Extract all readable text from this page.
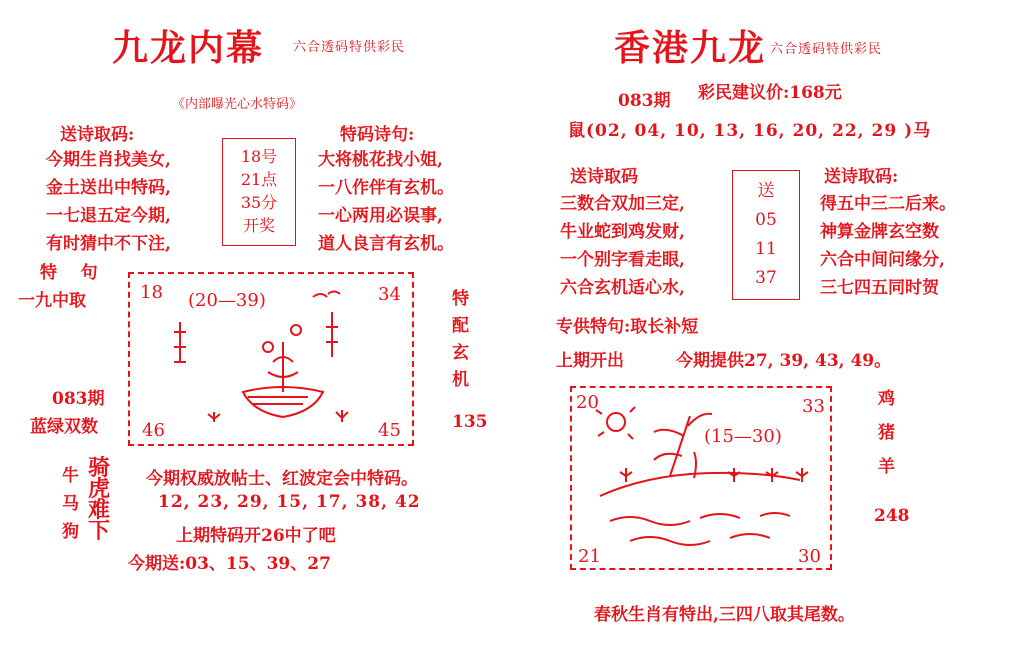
九龙内幕 六合透码特供彩民
《内部曝光心水特码》
送诗取码:	特码诗句:
今期生肖找美女,
金土送出中特码,
一七退五定今期,
有时猜中不下注,
18号
21点
35分
开奖
大将桃花找小姐,
一八作伴有玄机。
一心两用必误事,
道人良言有玄机。
特    句
一九中取
083期
蓝绿双数
18	34
46	45
(20—39)	特
配
玄
机
135
牛
马
狗
骑
虎
难
下
今期权威放帖士、红波定会中特码。
12, 23, 29, 15, 17, 38, 42
上期特码开26中了吧
今期送:03、15、39、27
香港九龙 六合透码特供彩民
083期 彩民建议价:168元
鼠(02, 04, 10, 13, 16, 20, 22, 29 )马
送诗取码	送诗取码:
三数合双加三定,
牛业蛇到鸡发财,
一个别字看走眼,
六合玄机适心水,
送
05
11
37
得五中三二后来。
神算金牌玄空数
六合中间问缘分,
三七四五同时贺
专供特句:取长补短
上期开出	今期提供27, 39, 43, 49。
20	33
21	30
(15—30)
鸡
猪
羊
248
春秋生肖有特出,三四八取其尾数。
